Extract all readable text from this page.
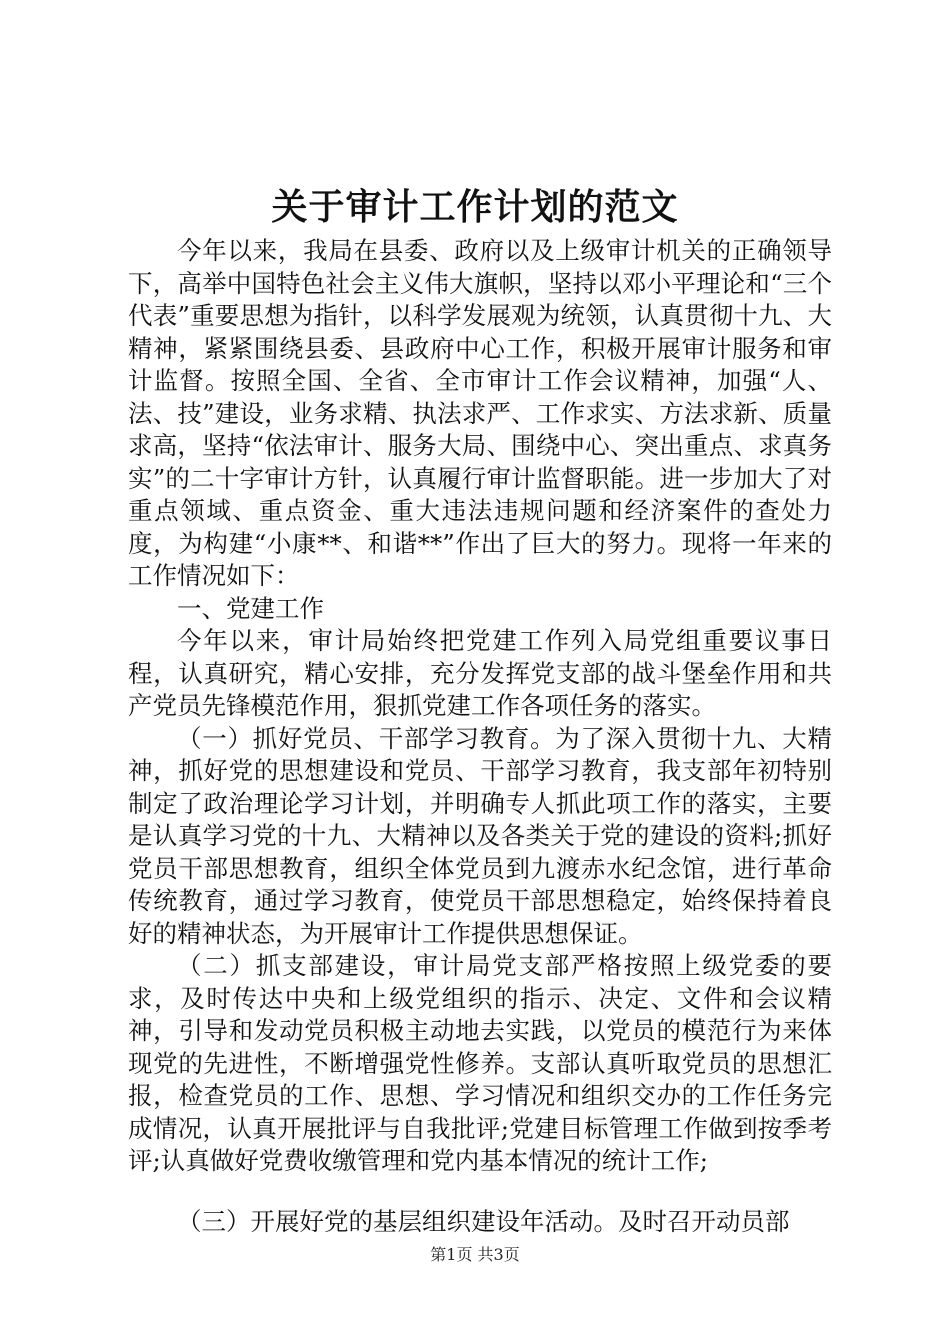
关于审计工作计划的范文

今年以来，我局在县委、政府以及上级审计机关的正确领导下，高举中国特色社会主义伟大旗帜，坚持以邓小平理论和“三个代表”重要思想为指针，以科学发展观为统领，认真贯彻十九、大精神，紧紧围绕县委、县政府中心工作，积极开展审计服务和审计监督。按照全国、全省、全市审计工作会议精神，加强“人、法、技”建设，业务求精、执法求严、工作求实、方法求新、质量求高，坚持“依法审计、服务大局、围绕中心、突出重点、求真务实”的二十字审计方针，认真履行审计监督职能。进一步加大了对重点领域、重点资金、重大违法违规问题和经济案件的查处力度，为构建“小康**、和谐**”作出了巨大的努力。现将一年来的工作情况如下：

一、党建工作

今年以来，审计局始终把党建工作列入局党组重要议事日程，认真研究，精心安排，充分发挥党支部的战斗堡垒作用和共产党员先锋模范作用，狠抓党建工作各项任务的落实。

（一）抓好党员、干部学习教育。为了深入贯彻十九、大精神，抓好党的思想建设和党员、干部学习教育，我支部年初特别制定了政治理论学习计划，并明确专人抓此项工作的落实，主要是认真学习党的十九、大精神以及各类关于党的建设的资料;抓好党员干部思想教育，组织全体党员到九渡赤水纪念馆，进行革命传统教育，通过学习教育，使党员干部思想稳定，始终保持着良好的精神状态，为开展审计工作提供思想保证。

（二）抓支部建设，审计局党支部严格按照上级党委的要求，及时传达中央和上级党组织的指示、决定、文件和会议精神，引导和发动党员积极主动地去实践，以党员的模范行为来体现党的先进性，不断增强党性修养。支部认真听取党员的思想汇报，检查党员的工作、思想、学习情况和组织交办的工作任务完成情况，认真开展批评与自我批评;党建目标管理工作做到按季考评;认真做好党费收缴管理和党内基本情况的统计工作;

（三）开展好党的基层组织建设年活动。及时召开动员部

第1页 共3页
